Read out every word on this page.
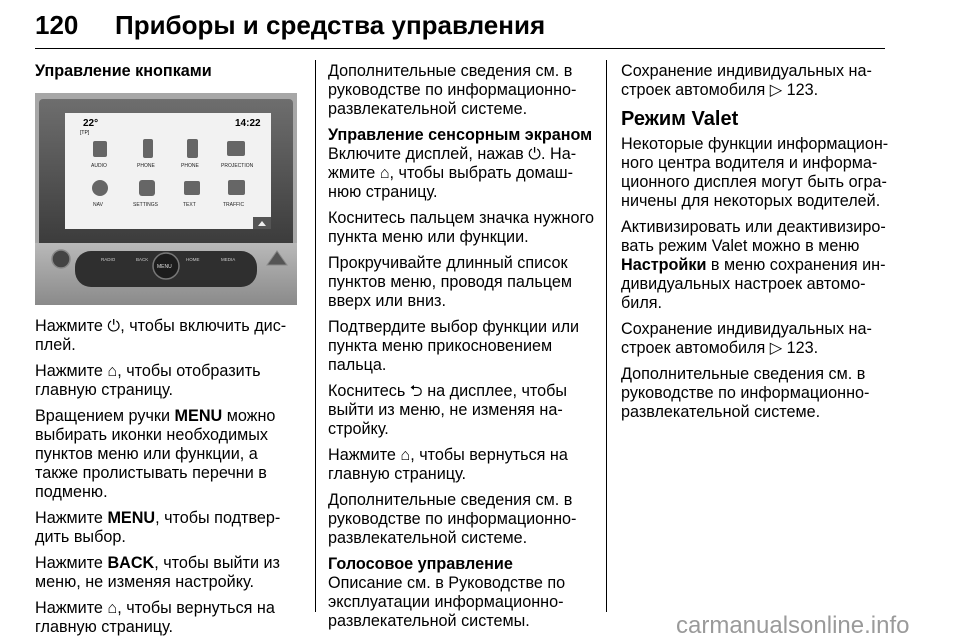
120 Приборы и средства управления
Управление кнопками
22°
[TP]
14:22
AUDIO	PHONE	PHONE	PROJECTION
NAV	SETTINGS	TEXT	TRAFFIC
RADIO	BACK	HOME	MEDIA
MENU

Нажмите ⏻, чтобы включить дис-плей.

Нажмите ⌂, чтобы отобразить главную страницу.

Вращением ручки MENU можно выбирать иконки необходимых пунктов меню или функции, а также пролистывать перечни в подменю.

Нажмите MENU, чтобы подтвер-дить выбор.

Нажмите BACK, чтобы выйти из меню, не изменяя настройку.

Нажмите ⌂, чтобы вернуться на главную страницу.

Дополнительные сведения см. в руководстве по информационно-развлекательной системе.

Управление сенсорным экраном

Включите дисплей, нажав ⏻. На-жмите ⌂, чтобы выбрать домаш-нюю страницу.

Коснитесь пальцем значка нужного пункта меню или функции.

Прокручивайте длинный список пунктов меню, проводя пальцем вверх или вниз.

Подтвердите выбор функции или пункта меню прикосновением пальца.

Коснитесь ⮌ на дисплее, чтобы выйти из меню, не изменяя на-стройку.

Нажмите ⌂, чтобы вернуться на главную страницу.

Дополнительные сведения см. в руководстве по информационно-развлекательной системе.

Голосовое управление

Описание см. в Руководстве по эксплуатации информационно-развлекательной системы.

Сохранение индивидуальных на-строек автомобиля ▷ 123.

Режим Valet

Некоторые функции информацион-ного центра водителя и информа-ционного дисплея могут быть огра-ничены для некоторых водителей.

Активизировать или деактивизиро-вать режим Valet можно в меню Настройки в меню сохранения ин-дивидуальных настроек автомо-биля.

Сохранение индивидуальных на-строек автомобиля ▷ 123.

Дополнительные сведения см. в руководстве по информационно-развлекательной системе.

carmanualsonline.info
